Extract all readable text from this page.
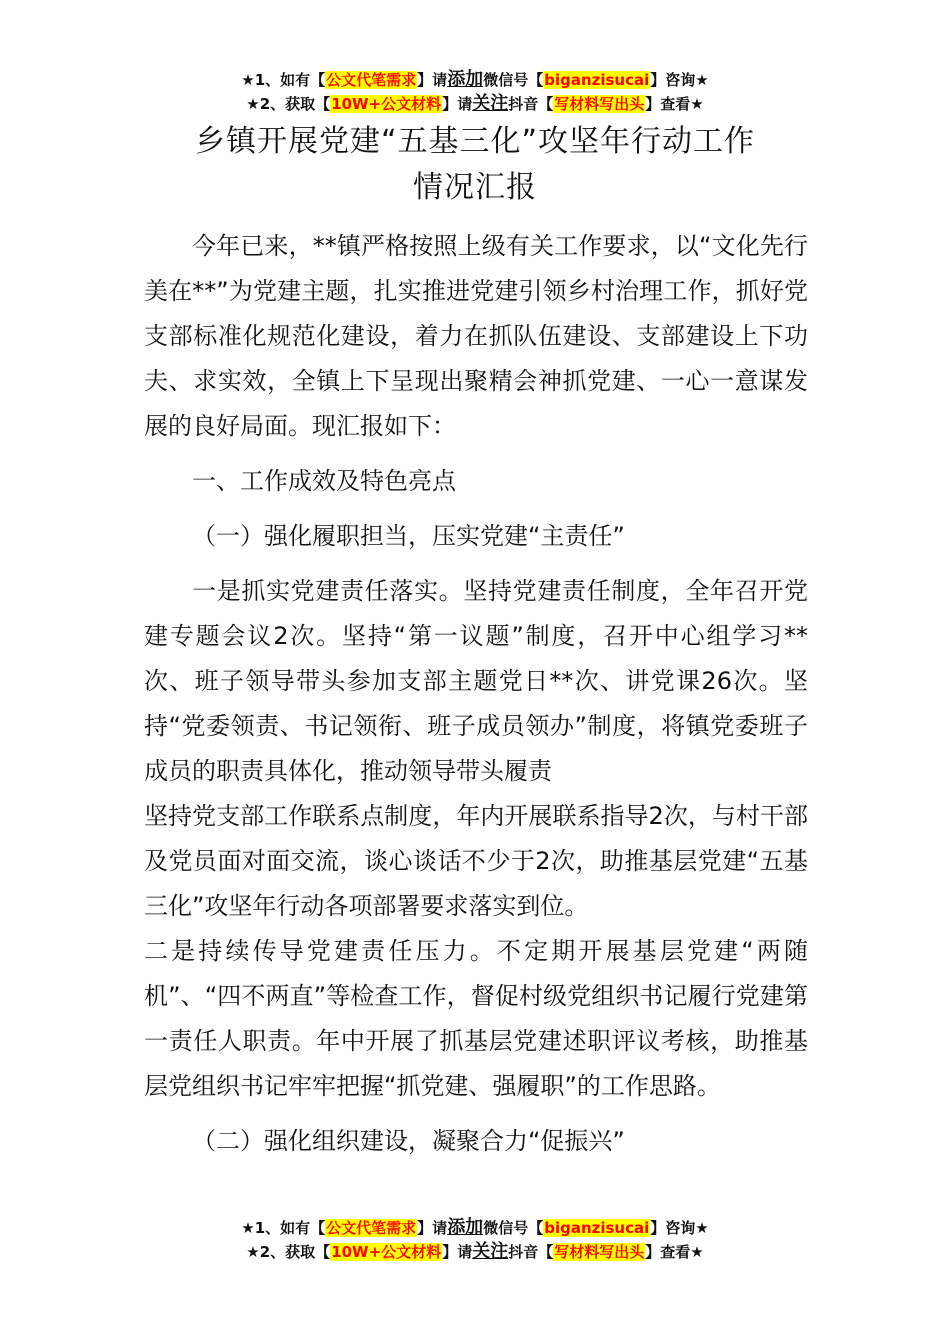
★1、如有【公文代笔需求】请添加微信号【biganzisucai】咨询★
★2、获取【10W+公文材料】请关注抖音【写材料写出头】查看★
乡镇开展党建“五基三化”攻坚年行动工作
情况汇报

今年已来，**镇严格按照上级有关工作要求，以“文化先行美在**”为党建主题，扎实推进党建引领乡村治理工作，抓好党支部标准化规范化建设，着力在抓队伍建设、支部建设上下功夫、求实效，全镇上下呈现出聚精会神抓党建、一心一意谋发展的良好局面。现汇报如下：

一、工作成效及特色亮点

（一）强化履职担当，压实党建“主责任”

一是抓实党建责任落实。坚持党建责任制度，全年召开党建专题会议2次。坚持“第一议题”制度，召开中心组学习**次、班子领导带头参加支部主题党日**次、讲党课26次。坚持“党委领责、书记领衔、班子成员领办”制度，将镇党委班子成员的职责具体化，推动领导带头履责

坚持党支部工作联系点制度，年内开展联系指导2次，与村干部及党员面对面交流，谈心谈话不少于2次，助推基层党建“五基三化”攻坚年行动各项部署要求落实到位。

二是持续传导党建责任压力。不定期开展基层党建“两随机”、“四不两直”等检查工作，督促村级党组织书记履行党建第一责任人职责。年中开展了抓基层党建述职评议考核，助推基层党组织书记牢牢把握“抓党建、强履职”的工作思路。

（二）强化组织建设，凝聚合力“促振兴”

★1、如有【公文代笔需求】请添加微信号【biganzisucai】咨询★
★2、获取【10W+公文材料】请关注抖音【写材料写出头】查看★
